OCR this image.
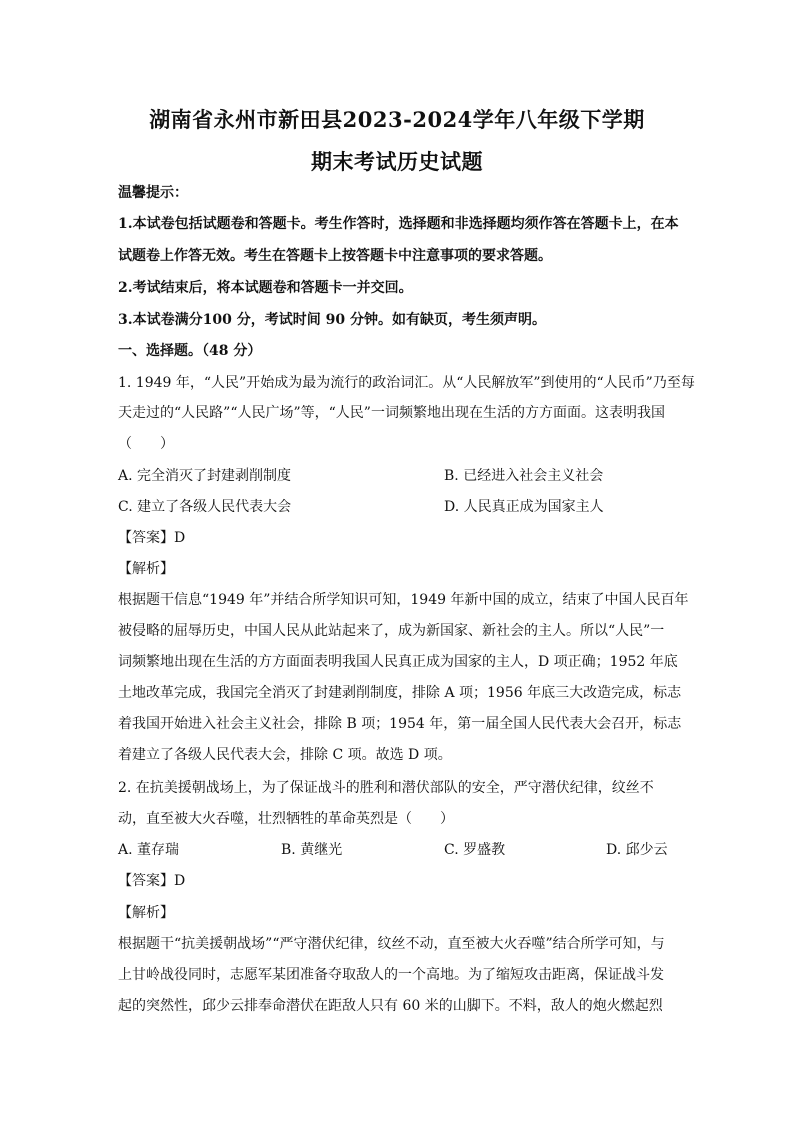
湖南省永州市新田县2023-2024学年八年级下学期
期末考试历史试题
温馨提示：
1.本试卷包括试题卷和答题卡。考生作答时，选择题和非选择题均须作答在答题卡上，在本
试题卷上作答无效。考生在答题卡上按答题卡中注意事项的要求答题。
2.考试结束后，将本试题卷和答题卡一并交回。
3.本试卷满分100 分，考试时间 90 分钟。如有缺页，考生须声明。
一、选择题。（48 分）
1. 1949 年，“人民”开始成为最为流行的政治词汇。从“人民解放军”到使用的“人民币”乃至每
天走过的“人民路”“人民广场”等，“人民”一词频繁地出现在生活的方方面面。这表明我国
（　　）
A. 完全消灭了封建剥削制度	B. 已经进入社会主义社会
C. 建立了各级人民代表大会	D. 人民真正成为国家主人
【答案】D
【解析】
根据题干信息“1949 年”并结合所学知识可知，1949 年新中国的成立，结束了中国人民百年
被侵略的屈辱历史，中国人民从此站起来了，成为新国家、新社会的主人。所以“人民”一
词频繁地出现在生活的方方面面表明我国人民真正成为国家的主人，D 项正确；1952 年底
土地改革完成，我国完全消灭了封建剥削制度，排除 A 项；1956 年底三大改造完成，标志
着我国开始进入社会主义社会，排除 B 项；1954 年，第一届全国人民代表大会召开，标志
着建立了各级人民代表大会，排除 C 项。故选 D 项。
2. 在抗美援朝战场上，为了保证战斗的胜利和潜伏部队的安全，严守潜伏纪律，纹丝不
动，直至被大火吞噬，壮烈牺牲的革命英烈是（　　）
A. 董存瑞	B. 黄继光	C. 罗盛教	D. 邱少云
【答案】D
【解析】
根据题干“抗美援朝战场”“严守潜伏纪律，纹丝不动，直至被大火吞噬”结合所学可知，与
上甘岭战役同时，志愿军某团准备夺取敌人的一个高地。为了缩短攻击距离，保证战斗发
起的突然性，邱少云排奉命潜伏在距敌人只有 60 米的山脚下。不料，敌人的炮火燃起烈
